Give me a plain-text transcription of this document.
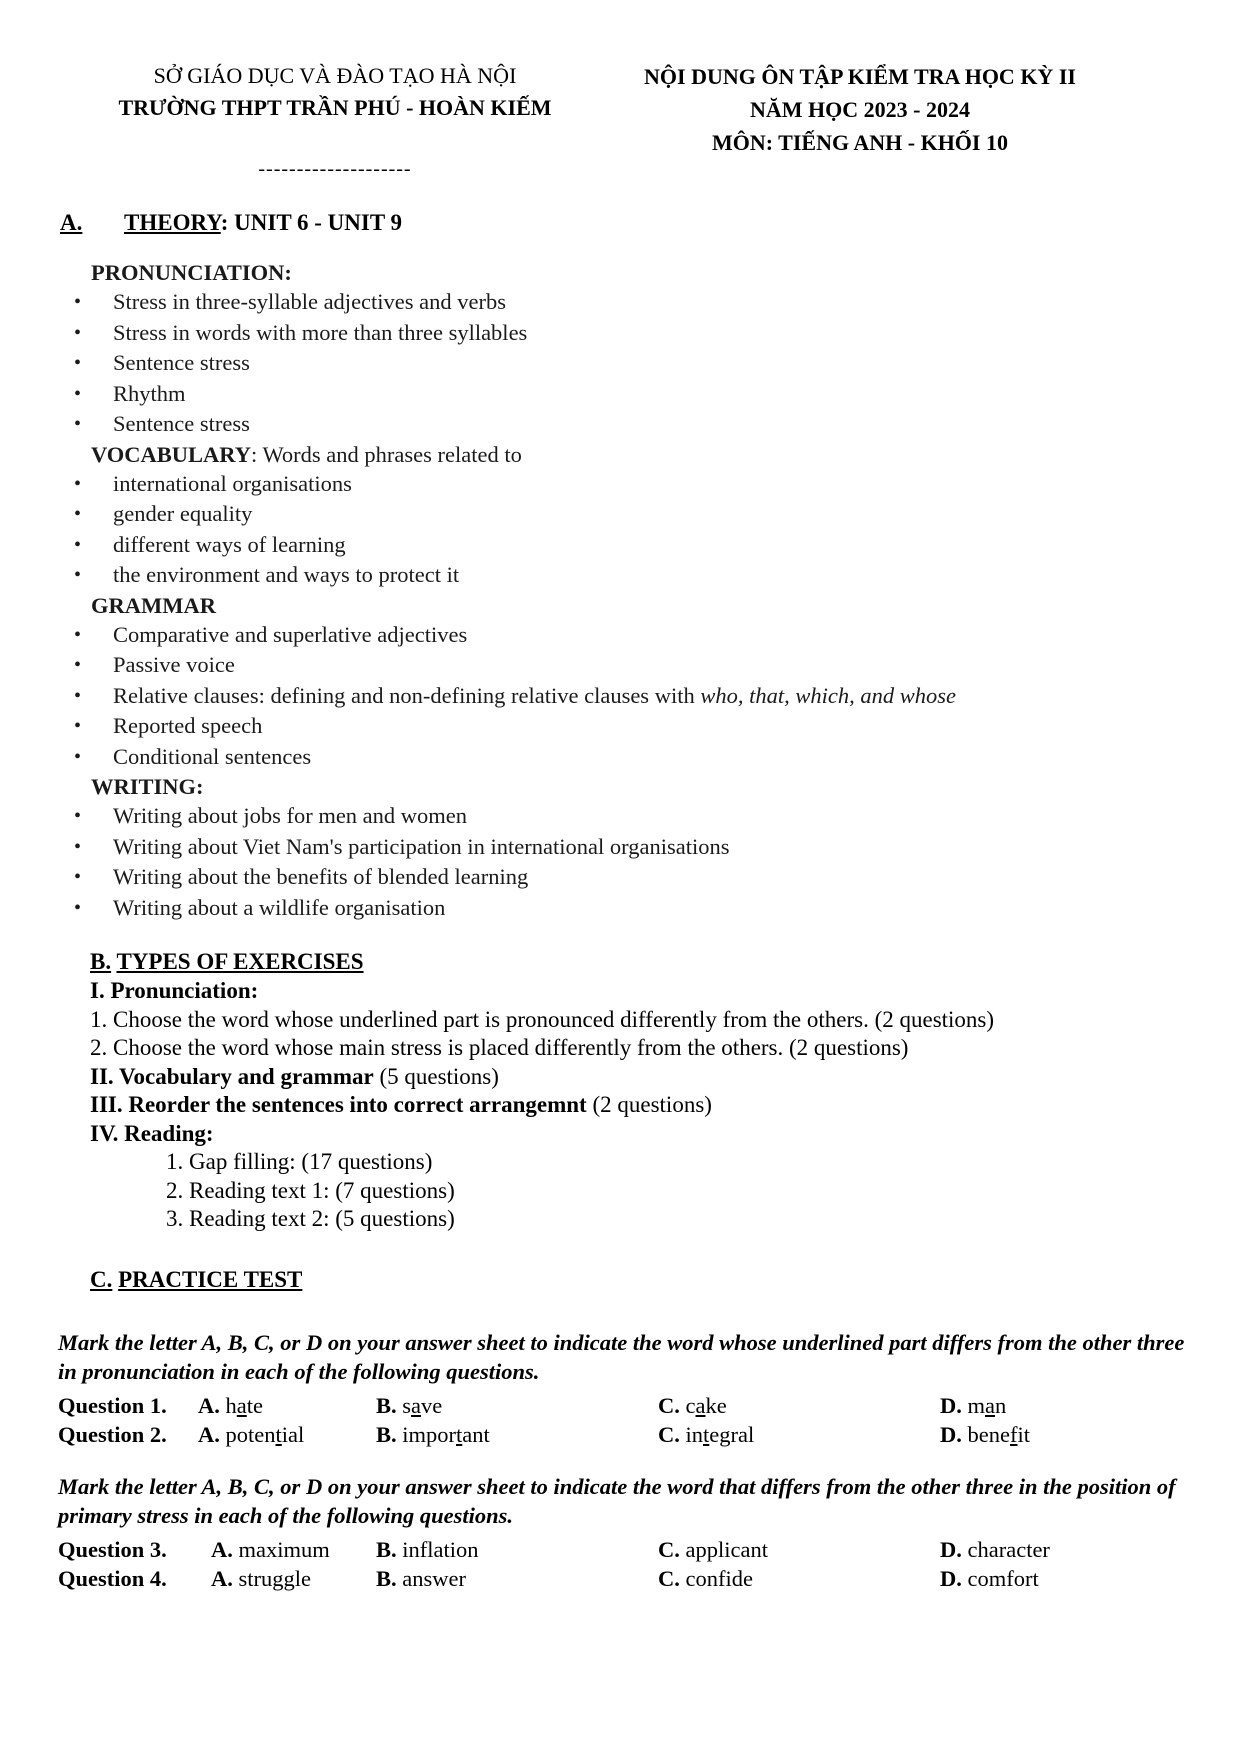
SỞ GIÁO DỤC VÀ ĐÀO TẠO HÀ NỘI
TRƯỜNG THPT TRẦN PHÚ - HOÀN KIẾM
--------------------
NỘI DUNG ÔN TẬP KIỂM TRA HỌC KỲ II
NĂM HỌC 2023 - 2024
MÔN: TIẾNG ANH - KHỐI 10
A. THEORY: UNIT 6 - UNIT 9
PRONUNCIATION:
• Stress in three-syllable adjectives and verbs
• Stress in words with more than three syllables
• Sentence stress
• Rhythm
• Sentence stress
VOCABULARY: Words and phrases related to
• international organisations
• gender equality
• different ways of learning
• the environment and ways to protect it
GRAMMAR
• Comparative and superlative adjectives
• Passive voice
• Relative clauses: defining and non-defining relative clauses with who, that, which, and whose
• Reported speech
• Conditional sentences
WRITING:
• Writing about jobs for men and women
• Writing about Viet Nam's participation in international organisations
• Writing about the benefits of blended learning
• Writing about a wildlife organisation
B. TYPES OF EXERCISES
I. Pronunciation:
1. Choose the word whose underlined part is pronounced differently from the others. (2 questions)
2. Choose the word whose main stress is placed differently from the others. (2 questions)
II. Vocabulary and grammar (5 questions)
III. Reorder the sentences into correct arrangemnt (2 questions)
IV. Reading:
1. Gap filling: (17 questions)
2. Reading text 1: (7 questions)
3. Reading text 2: (5 questions)
C. PRACTICE TEST
Mark the letter A, B, C, or D on your answer sheet to indicate the word whose underlined part differs from the other three in pronunciation in each of the following questions.
Question 1. A. hate	B. save	C. cake	D. man
Question 2. A. potential	B. important	C. integral	D. benefit
Mark the letter A, B, C, or D on your answer sheet to indicate the word that differs from the other three in the position of primary stress in each of the following questions.
Question 3. A. maximum B. inflation	C. applicant	D. character
Question 4. A. struggle	B. answer	C. confide	D. comfort
